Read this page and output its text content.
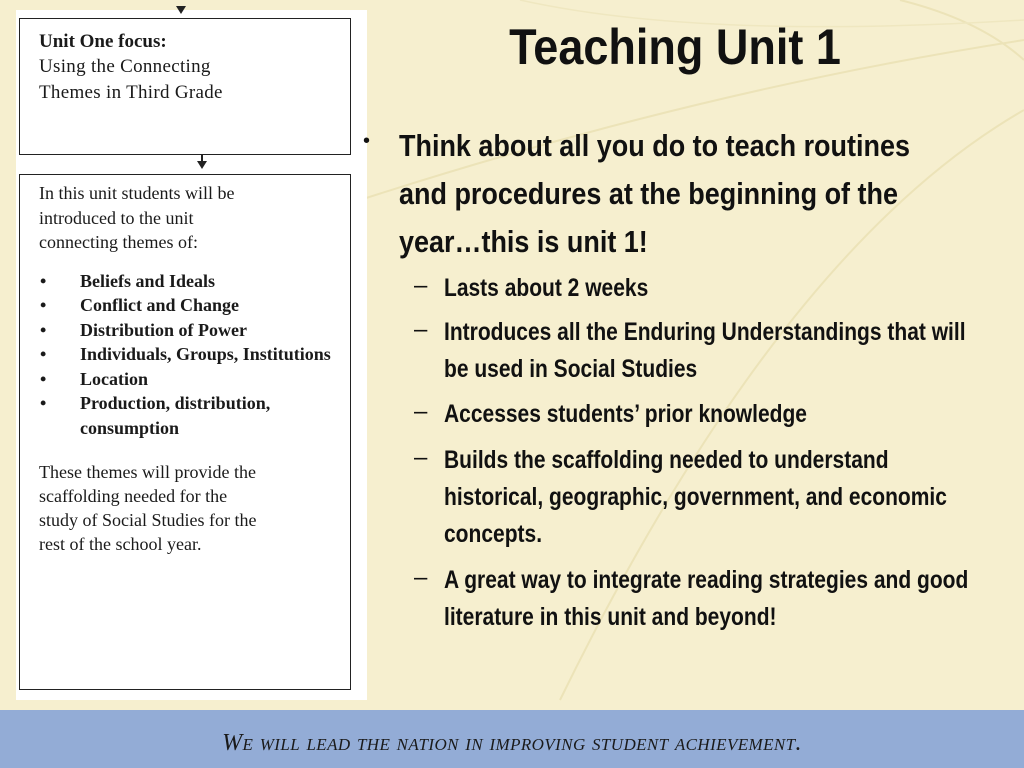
Unit One focus:
Using the Connecting
Themes in Third Grade
In this unit students will be
introduced to the unit
connecting themes of:
• Beliefs and Ideals
• Conflict and Change
• Distribution of Power
• Individuals, Groups, Institutions
• Location
• Production, distribution, consumption
These themes will provide the
scaffolding needed for the
study of Social Studies for the
rest of the school year.
Teaching Unit 1
• Think about all you do to teach routines and procedures at the beginning of the year…this is unit 1!
– Lasts about 2 weeks
– Introduces all the Enduring Understandings that will be used in Social Studies
– Accesses students’ prior knowledge
– Builds the scaffolding needed to understand historical, geographic, government, and economic concepts.
– A great way to integrate reading strategies and good literature in this unit and beyond!
We will lead the nation in improving student achievement.
